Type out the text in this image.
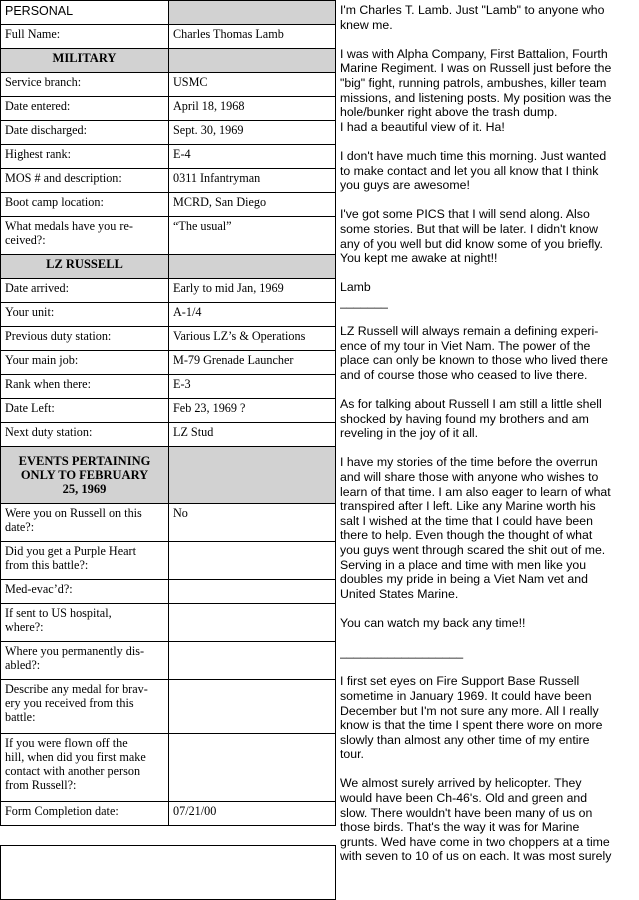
PERSONAL	
Full Name:	Charles Thomas Lamb
MILITARY	
Service branch:	USMC
Date entered:	April 18, 1968
Date discharged:	Sept. 30, 1969
Highest rank:	E-4
MOS # and description:	0311 Infantryman
Boot camp location:	MCRD, San Diego
What medals have you re-
ceived?:	“The usual”
LZ RUSSELL	
Date arrived:	Early to mid Jan, 1969
Your unit:	A-1/4
Previous duty station:	Various LZ’s & Operations
Your main job:	M-79 Grenade Launcher
Rank when there:	E-3
Date Left:	Feb 23, 1969 ?
Next duty station:	LZ Stud
EVENTS PERTAINING
ONLY TO FEBRUARY
25, 1969	
Were you on Russell on this
date?:	No
Did you get a Purple Heart
from this battle?:	
Med-evac’d?:	
If sent to US hospital,
where?:	
Where you permanently dis-
abled?:	
Describe any medal for brav-
ery you received from this
battle:	
If you were flown off the
hill, when did you first make
contact with another person
from Russell?:	
Form Completion date:	07/21/00

I'm Charles T. Lamb. Just "Lamb" to anyone who
knew me.

I was with Alpha Company, First Battalion, Fourth
Marine Regiment. I was on Russell just before the
"big" fight, running patrols, ambushes, killer team
missions, and listening posts. My position was the
hole/bunker right above the trash dump.
I had a beautiful view of it. Ha!

I don't have much time this morning. Just wanted
to make contact and let you all know that I think
you guys are awesome!

I've got some PICS that I will send along. Also
some stories. But that will be later. I didn't know
any of you well but did know some of you briefly.
You kept me awake at night!!

Lamb

_______

LZ Russell will always remain a defining experi-
ence of my tour in Viet Nam. The power of the
place can only be known to those who lived there
and of course those who ceased to live there.

As for talking about Russell I am still a little shell
shocked by having found my brothers and am
reveling in the joy of it all.

I have my stories of the time before the overrun
and will share those with anyone who wishes to
learn of that time. I am also eager to learn of what
transpired after I left. Like any Marine worth his
salt I wished at the time that I could have been
there to help. Even though the thought of what
you guys went through scared the shit out of me.
Serving in a place and time with men like you
doubles my pride in being a Viet Nam vet and
United States Marine.

You can watch my back any time!!

__________________

I first set eyes on Fire Support Base Russell
sometime in January 1969. It could have been
December but I'm not sure any more. All I really
know is that the time I spent there wore on more
slowly than almost any other time of my entire
tour.

We almost surely arrived by helicopter. They
would have been Ch-46's. Old and green and
slow. There wouldn't have been many of us on
those birds. That's the way it was for Marine
grunts. Wed have come in two choppers at a time
with seven to 10 of us on each. It was most surely
